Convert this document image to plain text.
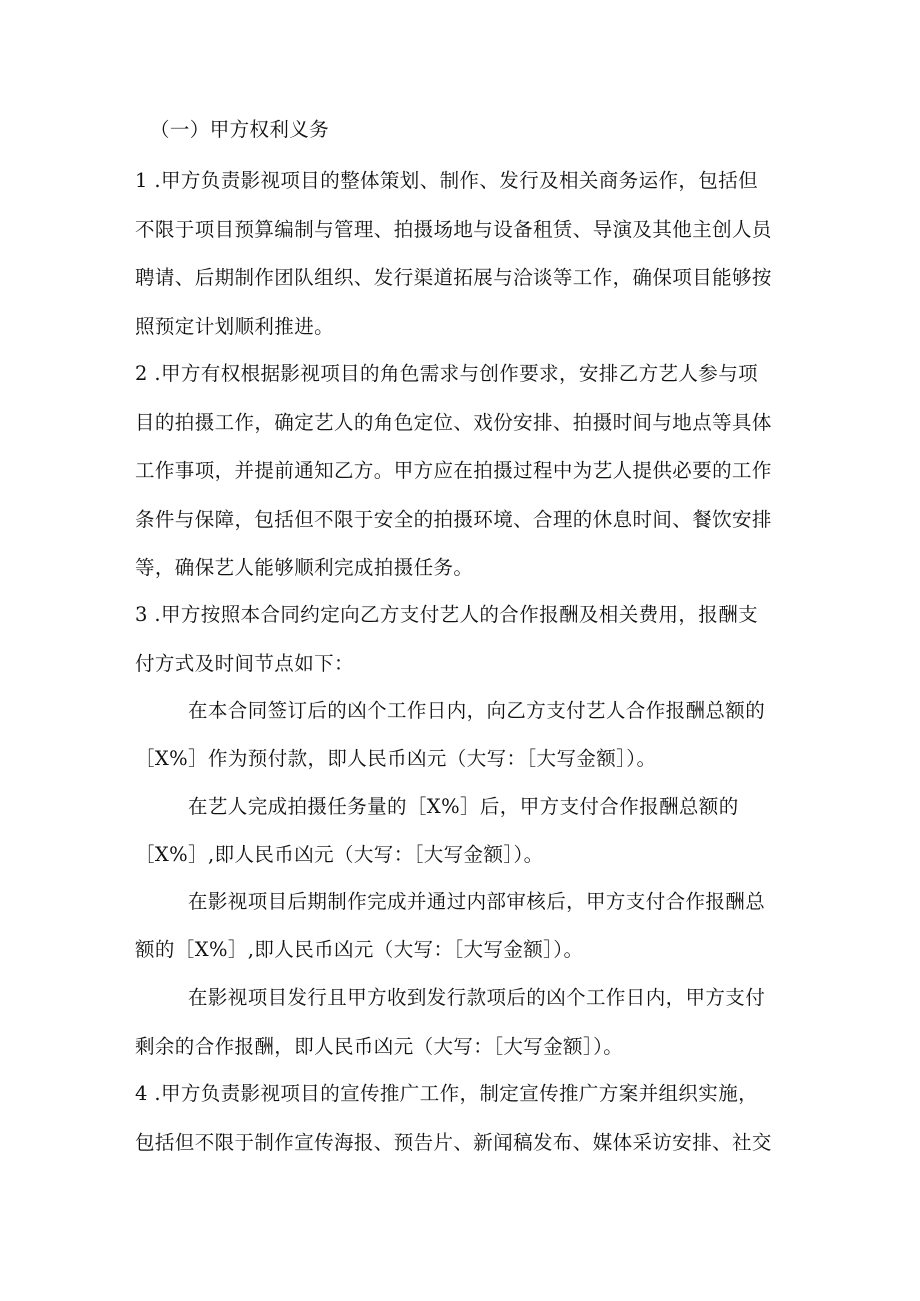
（一）甲方权利义务
1 .甲方负责影视项目的整体策划、制作、发行及相关商务运作，包括但
不限于项目预算编制与管理、拍摄场地与设备租赁、导演及其他主创人员
聘请、后期制作团队组织、发行渠道拓展与洽谈等工作，确保项目能够按
照预定计划顺利推进。
2 .甲方有权根据影视项目的角色需求与创作要求，安排乙方艺人参与项
目的拍摄工作，确定艺人的角色定位、戏份安排、拍摄时间与地点等具体
工作事项，并提前通知乙方。甲方应在拍摄过程中为艺人提供必要的工作
条件与保障，包括但不限于安全的拍摄环境、合理的休息时间、餐饮安排
等，确保艺人能够顺利完成拍摄任务。
3 .甲方按照本合同约定向乙方支付艺人的合作报酬及相关费用，报酬支
付方式及时间节点如下：
在本合同签订后的凶个工作日内，向乙方支付艺人合作报酬总额的
［X%］作为预付款，即人民币凶元（大写：［大写金额］）。
在艺人完成拍摄任务量的［X%］后，甲方支付合作报酬总额的
［X%］,即人民币凶元（大写：［大写金额］）。
在影视项目后期制作完成并通过内部审核后，甲方支付合作报酬总
额的［X%］,即人民币凶元（大写：［大写金额］）。
在影视项目发行且甲方收到发行款项后的凶个工作日内，甲方支付
剩余的合作报酬，即人民币凶元（大写：［大写金额］）。
4 .甲方负责影视项目的宣传推广工作，制定宣传推广方案并组织实施，
包括但不限于制作宣传海报、预告片、新闻稿发布、媒体采访安排、社交
